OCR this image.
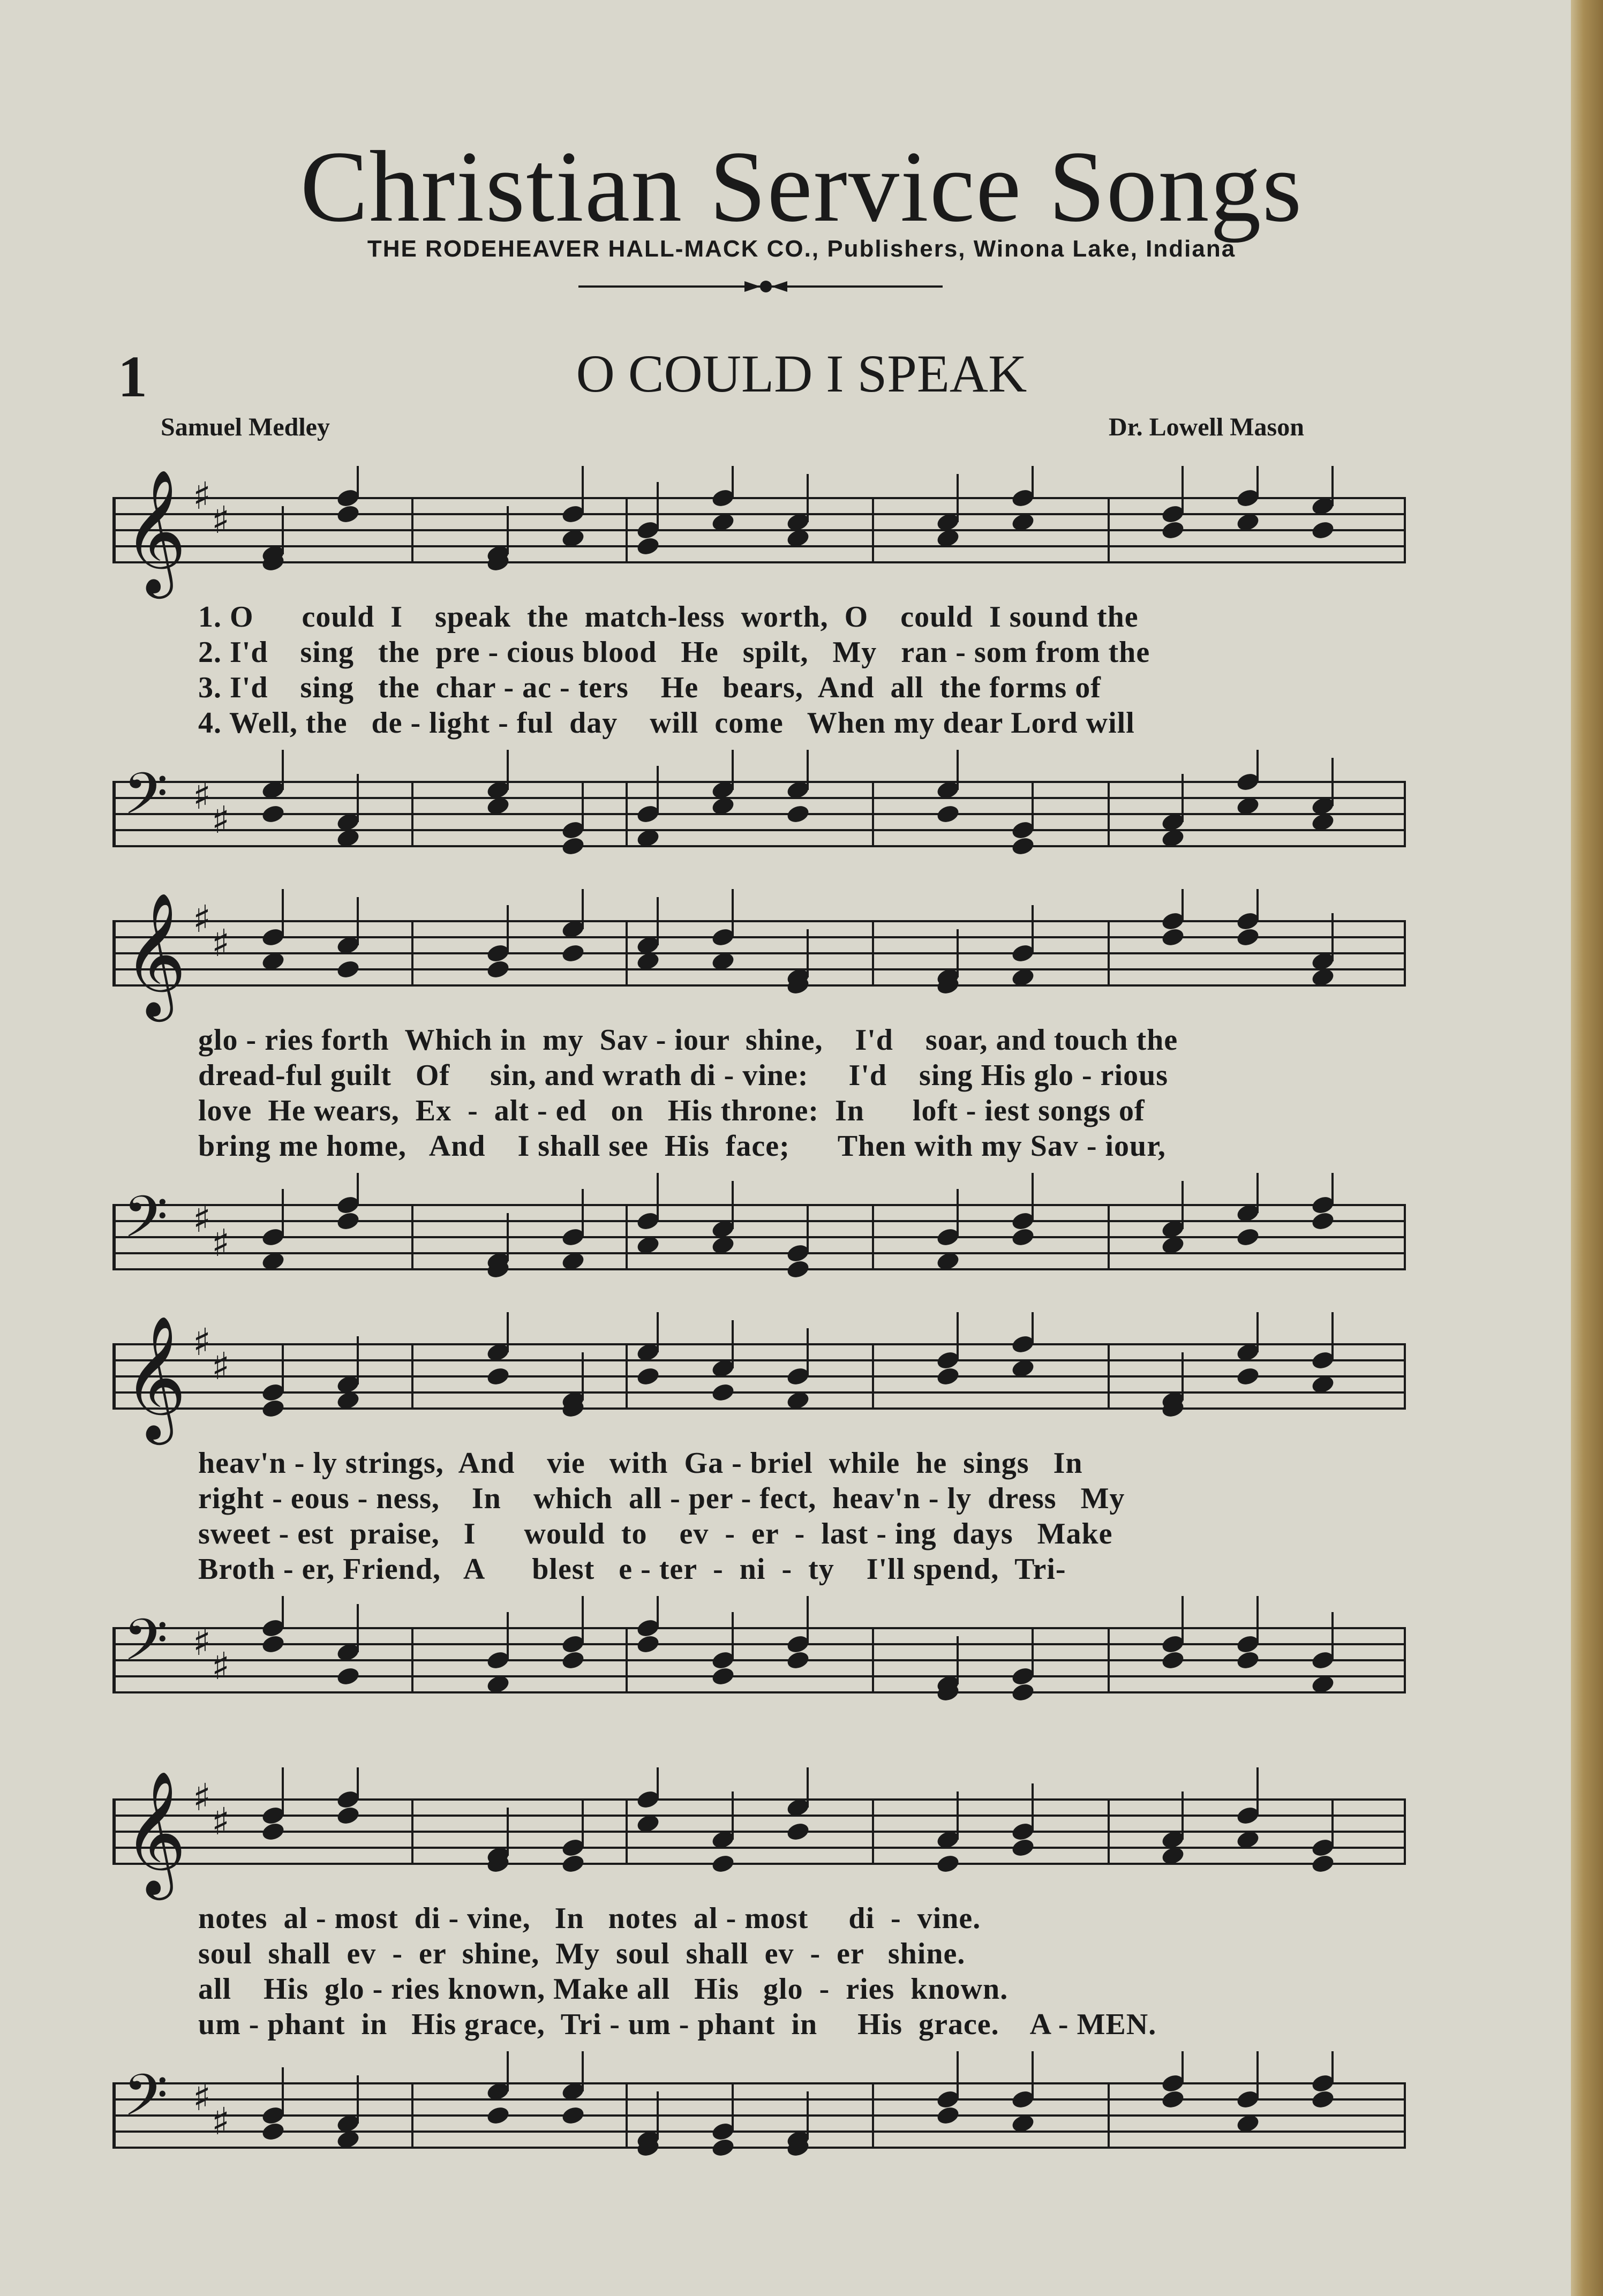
Christian Service Songs
THE RODEHEAVER HALL-MACK CO., Publishers, Winona Lake, Indiana
1	O COULD I SPEAK
Samuel Medley	Dr. Lowell Mason
𝄞 ♯
♯
1. O      could  I    speak  the  match-less  worth,  O    could  I sound the
2. I'd    sing   the  pre - cious blood   He   spilt,   My   ran - som from the
3. I'd    sing   the  char - ac - ters    He   bears,  And  all  the forms of
4. Well, the   de - light - ful  day    will  come   When my dear Lord will
𝄢 ♯
♯
𝄞 ♯
♯
glo - ries forth  Which in  my  Sav - iour  shine,    I'd    soar, and touch the
dread-ful guilt   Of     sin, and wrath di - vine:     I'd    sing His glo - rious
love  He wears,  Ex  -  alt - ed   on   His throne:  In      loft - iest songs of
bring me home,   And    I shall see  His  face;      Then with my Sav - iour,
𝄢 ♯
♯
𝄞 ♯
♯
heav'n - ly strings,  And    vie   with  Ga - briel  while  he  sings   In
right - eous - ness,    In    which  all - per - fect,  heav'n - ly  dress   My
sweet - est  praise,   I      would  to    ev  -  er  -  last - ing  days   Make
Broth - er, Friend,   A      blest   e - ter  -  ni  -  ty    I'll spend,  Tri-
𝄢 ♯
♯
𝄞 ♯
♯
notes  al - most  di - vine,   In   notes  al - most     di  -  vine.
soul  shall  ev  -  er  shine,  My  soul  shall  ev  -  er   shine.
all    His  glo - ries known, Make all   His   glo  -  ries  known.
um - phant  in   His grace,  Tri - um - phant  in     His  grace.    A - MEN.
𝄢 ♯
♯
